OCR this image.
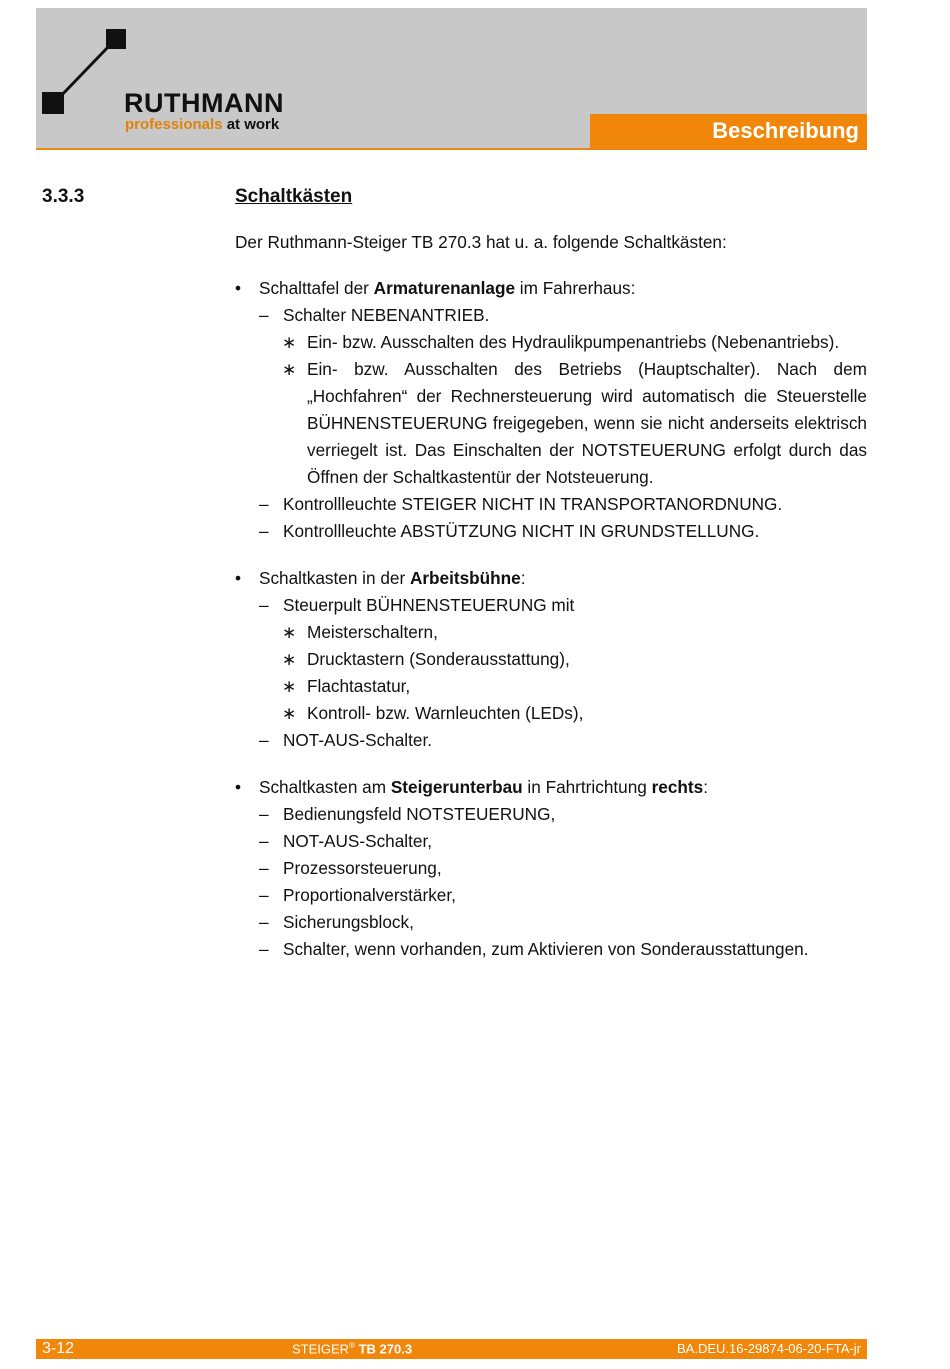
RUTHMANN
professionals at work	Beschreibung
3.3.3	Schaltkästen

Der Ruthmann-Steiger TB 270.3 hat u. a. folgende Schaltkästen:

• Schalttafel der Armaturenanlage im Fahrerhaus:
– Schalter NEBENANTRIEB.
∗ Ein- bzw. Ausschalten des Hydraulikpumpenantriebs (Nebenantriebs).
∗ Ein- bzw. Ausschalten des Betriebs (Hauptschalter). Nach dem „Hochfahren“ der Rechnersteuerung wird automatisch die Steuerstelle BÜHNENSTEUERUNG freigegeben, wenn sie nicht anderseits elektrisch verriegelt ist. Das Einschalten der NOTSTEUERUNG erfolgt durch das Öffnen der Schaltkastentür der Notsteuerung.
– Kontrollleuchte STEIGER NICHT IN TRANSPORTANORDNUNG.
– Kontrollleuchte ABSTÜTZUNG NICHT IN GRUNDSTELLUNG.
• Schaltkasten in der Arbeitsbühne:
– Steuerpult BÜHNENSTEUERUNG mit
∗ Meisterschaltern,
∗ Drucktastern (Sonderausstattung),
∗ Flachtastatur,
∗ Kontroll- bzw. Warnleuchten (LEDs),
– NOT-AUS-Schalter.
• Schaltkasten am Steigerunterbau in Fahrtrichtung rechts:
– Bedienungsfeld NOTSTEUERUNG,
– NOT-AUS-Schalter,
– Prozessorsteuerung,
– Proportionalverstärker,
– Sicherungsblock,
– Schalter, wenn vorhanden, zum Aktivieren von Sonderausstattungen.
3-12	STEIGER® TB 270.3	BA.DEU.16-29874-06-20-FTA-jr
